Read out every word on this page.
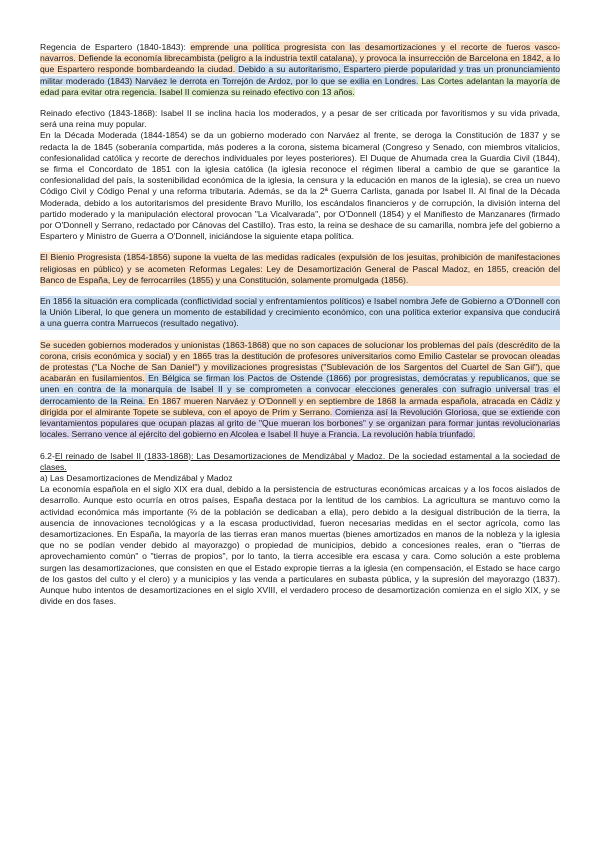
Regencia de Espartero (1840-1843): emprende una política progresista con las desamortizaciones y el recorte de fueros vasco-navarros. Defiende la economía librecambista (peligro a la industria textil catalana), y provoca la insurrección de Barcelona en 1842, a lo que Espartero responde bombardeando la ciudad. Debido a su autoritarismo, Espartero pierde popularidad y tras un pronunciamiento militar moderado (1843) Narváez le derrota en Torrejón de Ardoz, por lo que se exilia en Londres. Las Cortes adelantan la mayoría de edad para evitar otra regencia. Isabel II comienza su reinado efectivo con 13 años.

Reinado efectivo (1843-1868): Isabel II se inclina hacia los moderados, y a pesar de ser criticada por favoritismos y su vida privada, será una reina muy popular.

En la Década Moderada (1844-1854) se da un gobierno moderado con Narváez al frente, se deroga la Constitución de 1837 y se redacta la de 1845 (soberanía compartida, más poderes a la corona, sistema bicameral (Congreso y Senado, con miembros vitalicios, confesionalidad católica y recorte de derechos individuales por leyes posteriores). El Duque de Ahumada crea la Guardia Civil (1844), se firma el Concordato de 1851 con la iglesia católica (la iglesia reconoce el régimen liberal a cambio de que se garantice la confesionalidad del país, la sostenibilidad económica de la iglesia, la censura y la educación en manos de la iglesia), se crea un nuevo Código Civil y Código Penal y una reforma tributaria. Además, se da la 2ª Guerra Carlista, ganada por Isabel II. Al final de la Década Moderada, debido a los autoritarismos del presidente Bravo Murillo, los escándalos financieros y de corrupción, la división interna del partido moderado y la manipulación electoral provocan "La Vicalvarada", por O'Donnell (1854) y el Manifiesto de Manzanares (firmado por O'Donnell y Serrano, redactado por Cánovas del Castillo). Tras esto, la reina se deshace de su camarilla, nombra jefe del gobierno a Espartero y Ministro de Guerra a O'Donnell, iniciándose la siguiente etapa política.

El Bienio Progresista (1854-1856) supone la vuelta de las medidas radicales (expulsión de los jesuitas, prohibición de manifestaciones religiosas en público) y se acometen Reformas Legales: Ley de Desamortización General de Pascal Madoz, en 1855, creación del Banco de España, Ley de ferrocarriles (1855) y una Constitución, solamente promulgada (1856).

En 1856 la situación era complicada (conflictividad social y enfrentamientos políticos) e Isabel nombra Jefe de Gobierno a O'Donnell con la Unión Liberal, lo que genera un momento de estabilidad y crecimiento económico, con una política exterior expansiva que conducirá a una guerra contra Marruecos (resultado negativo).

Se suceden gobiernos moderados y unionistas (1863-1868) que no son capaces de solucionar los problemas del país (descrédito de la corona, crisis económica y social) y en 1865 tras la destitución de profesores universitarios como Emilio Castelar se provocan oleadas de protestas ("La Noche de San Daniel") y movilizaciones progresistas ("Sublevación de los Sargentos del Cuartel de San Gil"), que acabarán en fusilamientos. En Bélgica se firman los Pactos de Ostende (1866) por progresistas, demócratas y republicanos, que se unen en contra de la monarquía de Isabel II y se comprometen a convocar elecciones generales con sufragio universal tras el derrocamiento de la Reina. En 1867 mueren Narváez y O'Donnell y en septiembre de 1868 la armada española, atracada en Cádiz y dirigida por el almirante Topete se subleva, con el apoyo de Prim y Serrano. Comienza así la Revolución Gloriosa, que se extiende con levantamientos populares que ocupan plazas al grito de "Que mueran los borbones" y se organizan para formar juntas revolucionarias locales. Serrano vence al ejército del gobierno en Alcolea e Isabel II huye a Francia. La revolución había triunfado.

6.2-El reinado de Isabel II (1833-1868): Las Desamortizaciones de Mendizábal y Madoz. De la sociedad estamental a la sociedad de clases.

a) Las Desamortizaciones de Mendizábal y Madoz

La economía española en el siglo XIX era dual, debido a la persistencia de estructuras económicas arcaicas y a los focos aislados de desarrollo. Aunque esto ocurría en otros países, España destaca por la lentitud de los cambios. La agricultura se mantuvo como la actividad económica más importante (⅔ de la población se dedicaban a ella), pero debido a la desigual distribución de la tierra, la ausencia de innovaciones tecnológicas y a la escasa productividad, fueron necesarias medidas en el sector agrícola, como las desamortizaciones. En España, la mayoría de las tierras eran manos muertas (bienes amortizados en manos de la nobleza y la iglesia que no se podían vender debido al mayorazgo) o propiedad de municipios, debido a concesiones reales, eran o "tierras de aprovechamiento común" o "tierras de propios", por lo tanto, la tierra accesible era escasa y cara. Como solución a este problema surgen las desamortizaciones, que consisten en que el Estado expropie tierras a la iglesia (en compensación, el Estado se hace cargo de los gastos del culto y el clero) y a municipios y las venda a particulares en subasta pública, y la supresión del mayorazgo (1837). Aunque hubo intentos de desamortizaciones en el siglo XVIII, el verdadero proceso de desamortización comienza en el siglo XIX, y se divide en dos fases.
